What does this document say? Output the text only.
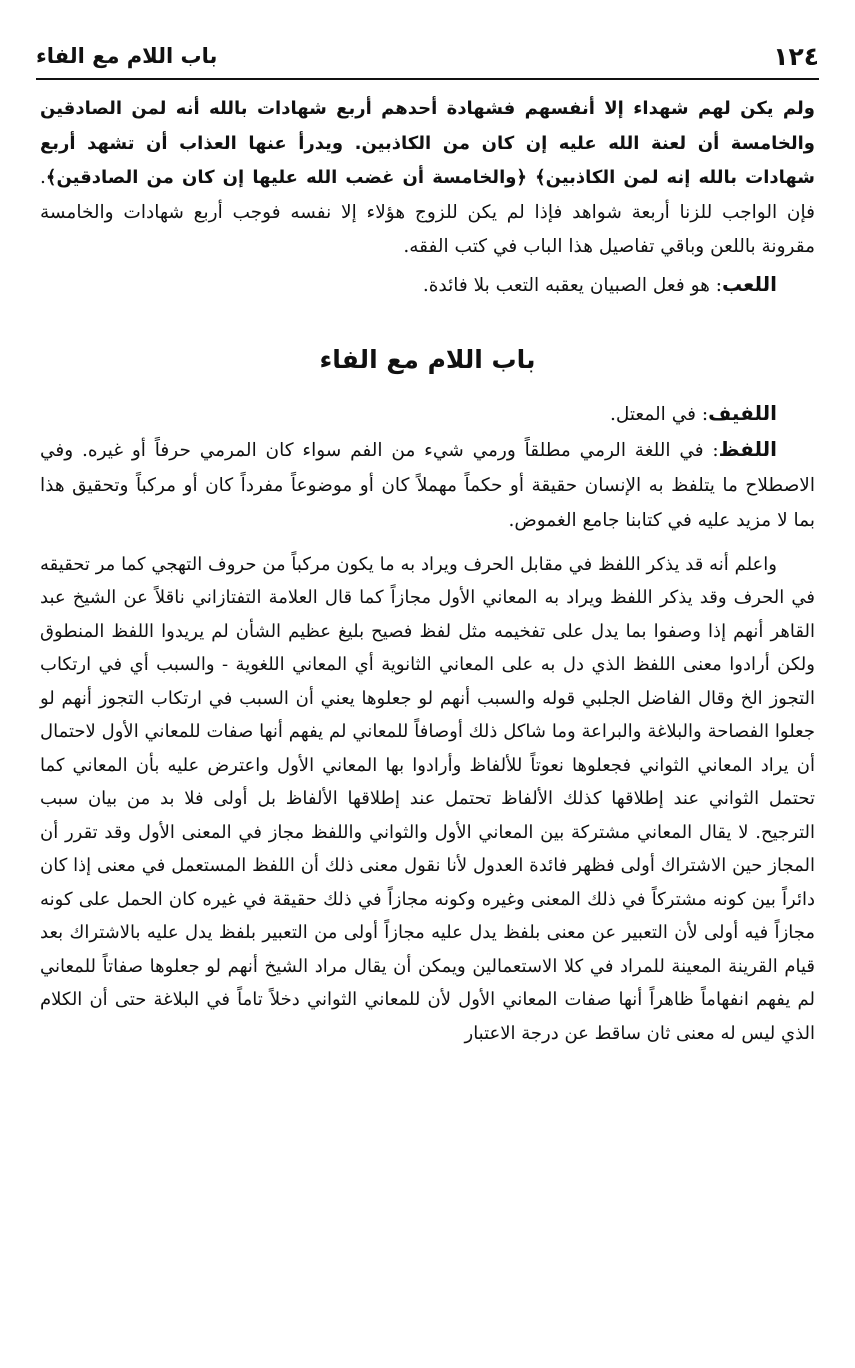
١٢٤
باب اللام مع الفاء

ولم يكن لهم شهداء إلا أنفسهم فشهادة أحدهم أربع شهادات بالله أنه لمن الصادقين والخامسة أن لعنة الله عليه إن كان من الكاذبين. ويدرأ عنها العذاب أن تشهد أربع شهادات بالله إنه لمن الكاذبين﴾ ﴿والخامسة أن غضب الله عليها إن كان من الصادقين﴾. فإن الواجب للزنا أربعة شواهد فإذا لم يكن للزوج هؤلاء إلا نفسه فوجب أربع شهادات والخامسة مقرونة باللعن وباقي تفاصيل هذا الباب في كتب الفقه.

اللعب: هو فعل الصبيان يعقبه التعب بلا فائدة.

باب اللام مع الفاء

اللفيف: في المعتل.

اللفظ: في اللغة الرمي مطلقاً ورمي شيء من الفم سواء كان المرمي حرفاً أو غيره. وفي الاصطلاح ما يتلفظ به الإنسان حقيقة أو حكماً مهملاً كان أو موضوعاً مفرداً كان أو مركباً وتحقيق هذا بما لا مزيد عليه في كتابنا جامع الغموض.

واعلم أنه قد يذكر اللفظ في مقابل الحرف ويراد به ما يكون مركباً من حروف التهجي كما مر تحقيقه في الحرف وقد يذكر اللفظ ويراد به المعاني الأول مجازاً كما قال العلامة التفتازاني ناقلاً عن الشيخ عبد القاهر أنهم إذا وصفوا بما يدل على تفخيمه مثل لفظ فصيح بليغ عظيم الشأن لم يريدوا اللفظ المنطوق ولكن أرادوا معنى اللفظ الذي دل به على المعاني الثانوية أي المعاني اللغوية - والسبب أي في ارتكاب التجوز الخ وقال الفاضل الجلبي قوله والسبب أنهم لو جعلوها يعني أن السبب في ارتكاب التجوز أنهم لو جعلوا الفصاحة والبلاغة والبراعة وما شاكل ذلك أوصافاً للمعاني لم يفهم أنها صفات للمعاني الأول لاحتمال أن يراد المعاني الثواني فجعلوها نعوتاً للألفاظ وأرادوا بها المعاني الأول واعترض عليه بأن المعاني كما تحتمل الثواني عند إطلاقها كذلك الألفاظ تحتمل عند إطلاقها الألفاظ بل أولى فلا بد من بيان سبب الترجيح. لا يقال المعاني مشتركة بين المعاني الأول والثواني واللفظ مجاز في المعنى الأول وقد تقرر أن المجاز حين الاشتراك أولى فظهر فائدة العدول لأنا نقول معنى ذلك أن اللفظ المستعمل في معنى إذا كان دائراً بين كونه مشتركاً في ذلك المعنى وغيره وكونه مجازاً في ذلك حقيقة في غيره كان الحمل على كونه مجازاً فيه أولى لأن التعبير عن معنى بلفظ يدل عليه مجازاً أولى من التعبير بلفظ يدل عليه بالاشتراك بعد قيام القرينة المعينة للمراد في كلا الاستعمالين ويمكن أن يقال مراد الشيخ أنهم لو جعلوها صفاتاً للمعاني لم يفهم انفهاماً ظاهراً أنها صفات المعاني الأول لأن للمعاني الثواني دخلاً تاماً في البلاغة حتى أن الكلام الذي ليس له معنى ثان ساقط عن درجة الاعتبار
